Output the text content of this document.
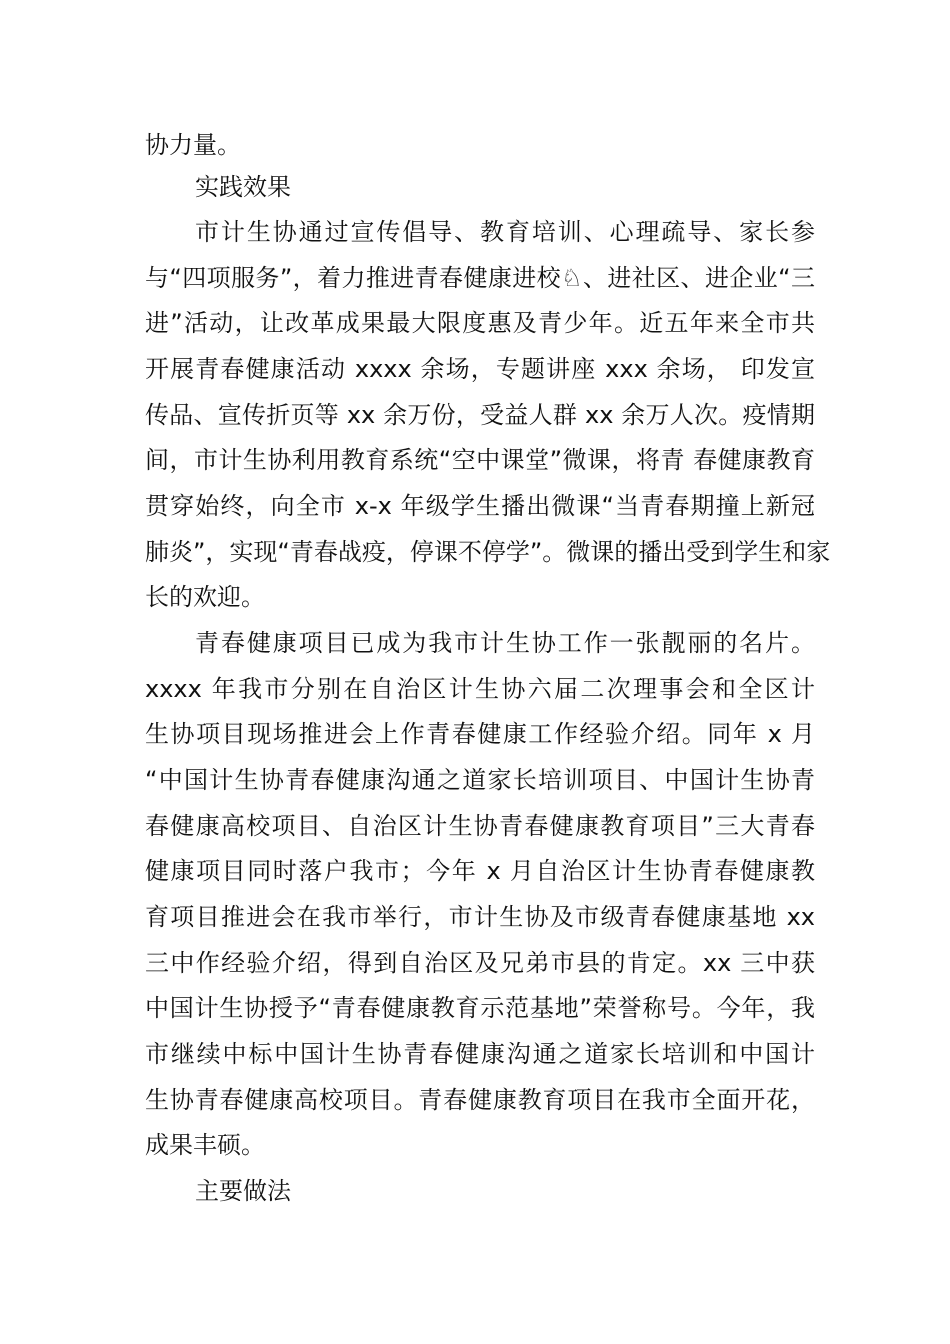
协力量。
实践效果
市计生协通过宣传倡导、教育培训、心理疏导、家长参
与“四项服务”，着力推进青春健康进校♘、进社区、进企业“三
进”活动，让改革成果最大限度惠及青少年。近五年来全市共
开展青春健康活动 xxxx 余场，专题讲座 xxx 余场， 印发宣
传品、宣传折页等 xx 余万份，受益人群 xx 余万人次。疫情期
间，市计生协利用教育系统“空中课堂”微课，将青 春健康教育
贯穿始终，向全市 x-x 年级学生播出微课“当青春期撞上新冠
肺炎”，实现“青春战疫，停课不停学”。微课的播出受到学生和家
长的欢迎。
青春健康项目已成为我市计生协工作一张靓丽的名片。
xxxx 年我市分别在自治区计生协六届二次理事会和全区计
生协项目现场推进会上作青春健康工作经验介绍。同年 x 月
“中国计生协青春健康沟通之道家长培训项目、中国计生协青
春健康高校项目、自治区计生协青春健康教育项目”三大青春
健康项目同时落户我市；今年 x 月自治区计生协青春健康教
育项目推进会在我市举行，市计生协及市级青春健康基地 xx
三中作经验介绍，得到自治区及兄弟市县的肯定。xx 三中获
中国计生协授予“青春健康教育示范基地”荣誉称号。今年，我
市继续中标中国计生协青春健康沟通之道家长培训和中国计
生协青春健康高校项目。青春健康教育项目在我市全面开花，
成果丰硕。
主要做法
